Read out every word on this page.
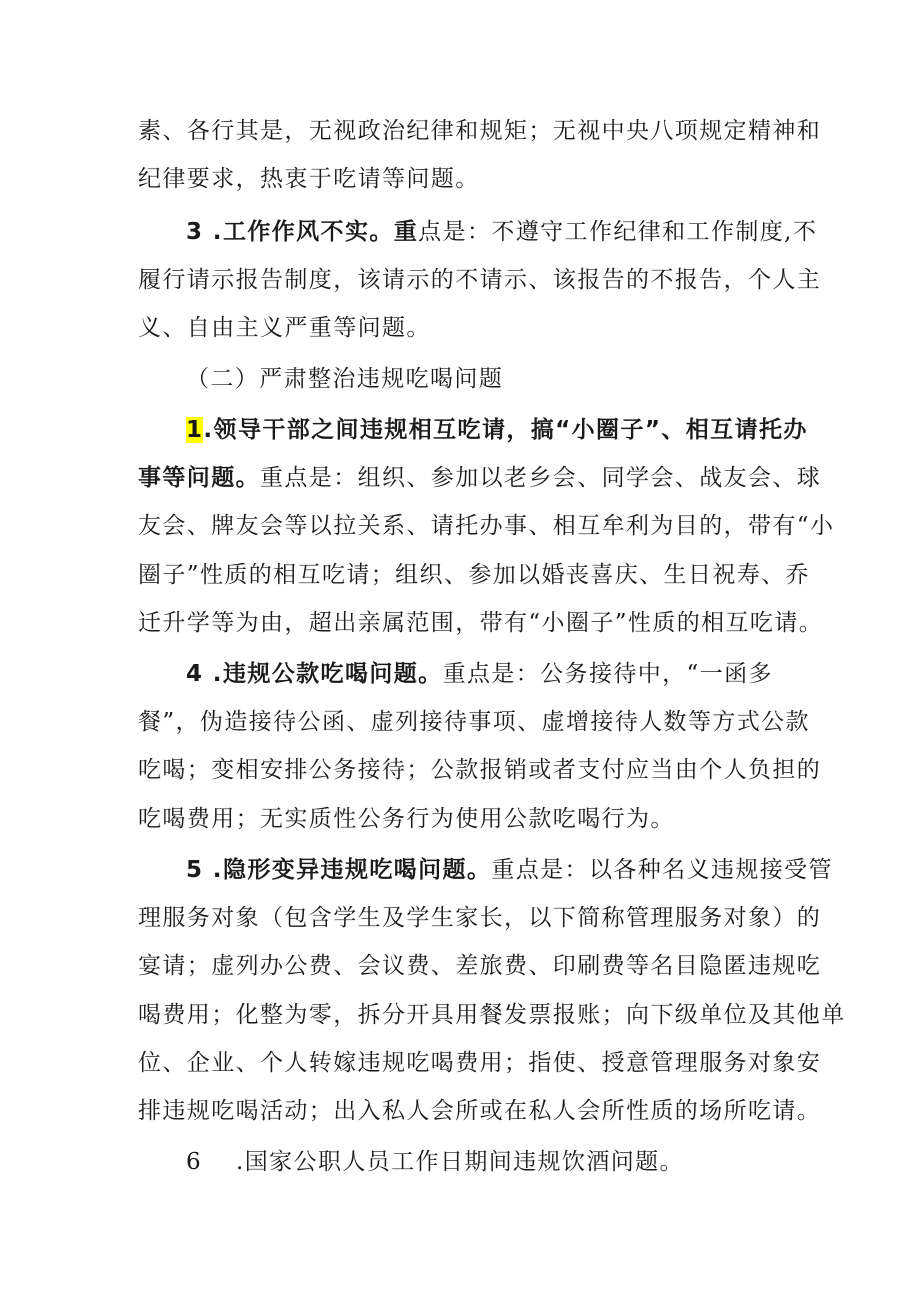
素、各行其是，无视政治纪律和规矩；无视中央八项规定精神和
纪律要求，热衷于吃请等问题。
3 .工作作风不实。重点是：不遵守工作纪律和工作制度,不
履行请示报告制度，该请示的不请示、该报告的不报告，个人主
义、自由主义严重等问题。
（二）严肃整治违规吃喝问题
1.领导干部之间违规相互吃请，搞“小圈子”、相互请托办
事等问题。重点是：组织、参加以老乡会、同学会、战友会、球
友会、牌友会等以拉关系、请托办事、相互牟利为目的，带有“小
圈子”性质的相互吃请；组织、参加以婚丧喜庆、生日祝寿、乔
迁升学等为由，超出亲属范围，带有“小圈子”性质的相互吃请。
4 .违规公款吃喝问题。重点是：公务接待中，“一函多
餐”，伪造接待公函、虚列接待事项、虚增接待人数等方式公款
吃喝；变相安排公务接待；公款报销或者支付应当由个人负担的
吃喝费用；无实质性公务行为使用公款吃喝行为。
5 .隐形变异违规吃喝问题。重点是：以各种名义违规接受管
理服务对象（包含学生及学生家长，以下简称管理服务对象）的
宴请；虚列办公费、会议费、差旅费、印刷费等名目隐匿违规吃
喝费用；化整为零，拆分开具用餐发票报账；向下级单位及其他单
位、企业、个人转嫁违规吃喝费用；指使、授意管理服务对象安
排违规吃喝活动；出入私人会所或在私人会所性质的场所吃请。
6 .国家公职人员工作日期间违规饮酒问题。
